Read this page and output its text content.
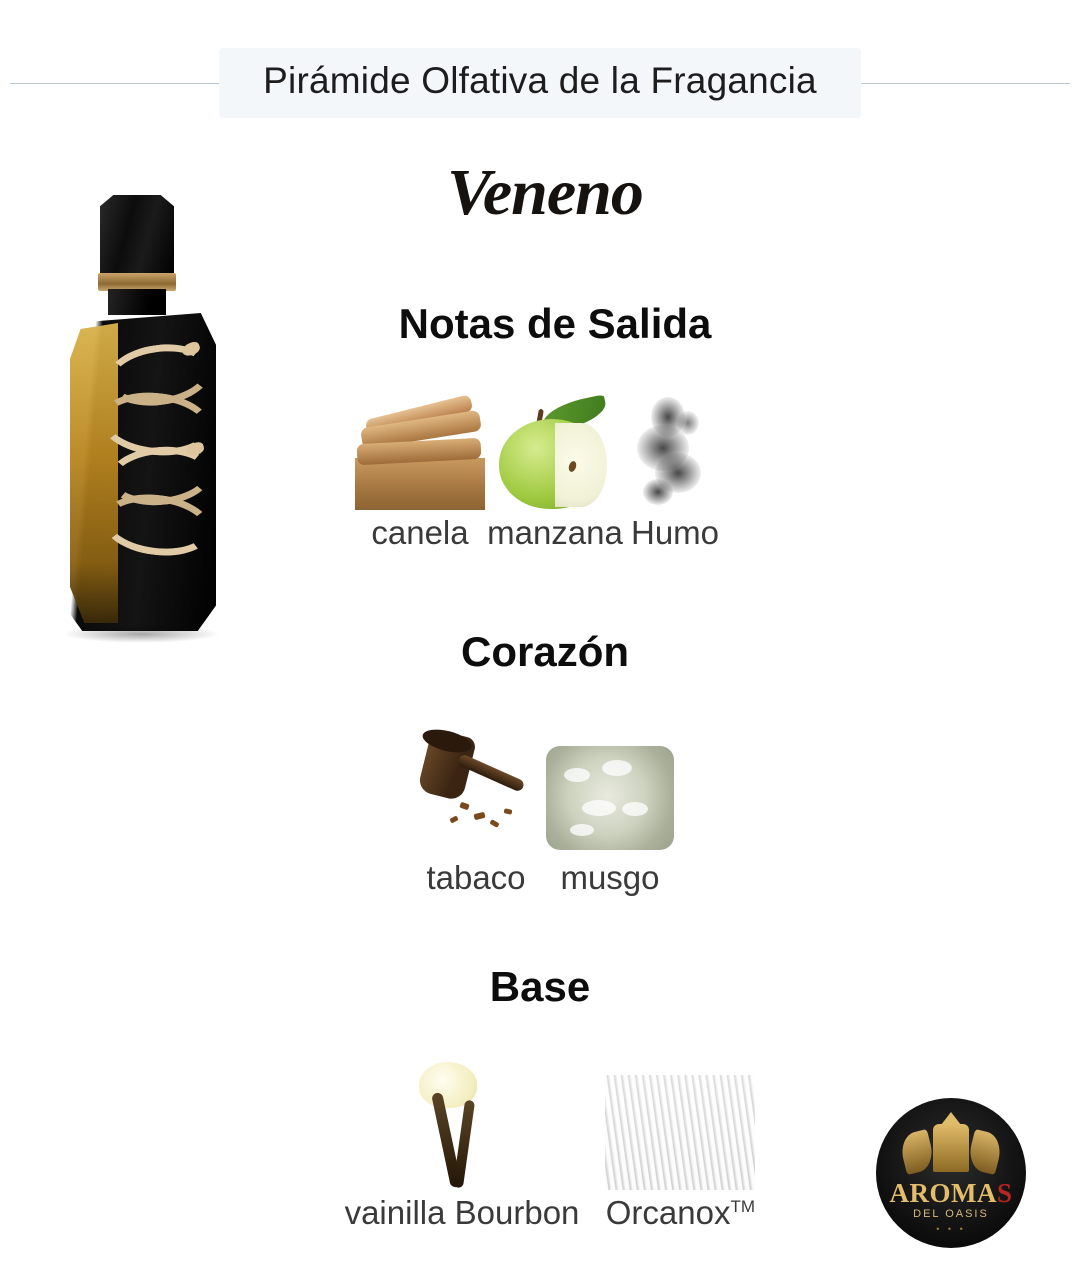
Pirámide Olfativa de la Fragancia
Veneno
Notas de Salida
canela manzana Humo
Corazón
tabaco musgo
Base
vainilla Bourbon Orcanox™	AROMAS
DEL OASIS
• • •
